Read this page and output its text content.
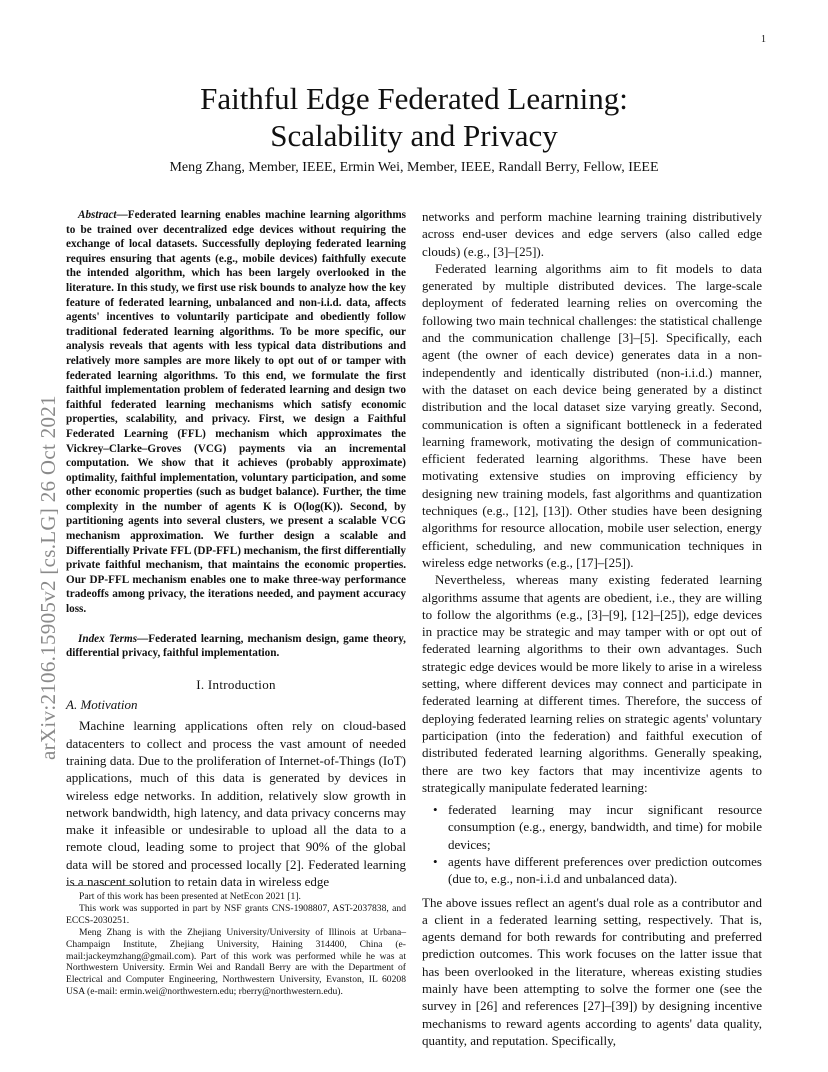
1
arXiv:2106.15905v2 [cs.LG] 26 Oct 2021
Faithful Edge Federated Learning:
Scalability and Privacy
Meng Zhang, Member, IEEE, Ermin Wei, Member, IEEE, Randall Berry, Fellow, IEEE

Abstract—Federated learning enables machine learning algorithms to be trained over decentralized edge devices without requiring the exchange of local datasets. Successfully deploying federated learning requires ensuring that agents (e.g., mobile devices) faithfully execute the intended algorithm, which has been largely overlooked in the literature. In this study, we first use risk bounds to analyze how the key feature of federated learning, unbalanced and non-i.i.d. data, affects agents' incentives to voluntarily participate and obediently follow traditional federated learning algorithms. To be more specific, our analysis reveals that agents with less typical data distributions and relatively more samples are more likely to opt out of or tamper with federated learning algorithms. To this end, we formulate the first faithful implementation problem of federated learning and design two faithful federated learning mechanisms which satisfy economic properties, scalability, and privacy. First, we design a Faithful Federated Learning (FFL) mechanism which approximates the Vickrey–Clarke–Groves (VCG) payments via an incremental computation. We show that it achieves (probably approximate) optimality, faithful implementation, voluntary participation, and some other economic properties (such as budget balance). Further, the time complexity in the number of agents K is O(log(K)). Second, by partitioning agents into several clusters, we present a scalable VCG mechanism approximation. We further design a scalable and Differentially Private FFL (DP-FFL) mechanism, the first differentially private faithful mechanism, that maintains the economic properties. Our DP-FFL mechanism enables one to make three-way performance tradeoffs among privacy, the iterations needed, and payment accuracy loss.

Index Terms—Federated learning, mechanism design, game theory, differential privacy, faithful implementation.

I. Introduction

A. Motivation

Machine learning applications often rely on cloud-based datacenters to collect and process the vast amount of needed training data. Due to the proliferation of Internet-of-Things (IoT) applications, much of this data is generated by devices in wireless edge networks. In addition, relatively slow growth in network bandwidth, high latency, and data privacy concerns may make it infeasible or undesirable to upload all the data to a remote cloud, leading some to project that 90% of the global data will be stored and processed locally [2]. Federated learning is a nascent solution to retain data in wireless edge

Part of this work has been presented at NetEcon 2021 [1].

This work was supported in part by NSF grants CNS-1908807, AST-2037838, and ECCS-2030251.

Meng Zhang is with the Zhejiang University/University of Illinois at Urbana–Champaign Institute, Zhejiang University, Haining 314400, China (e-mail:jackeymzhang@gmail.com). Part of this work was performed while he was at Northwestern University. Ermin Wei and Randall Berry are with the Department of Electrical and Computer Engineering, Northwestern University, Evanston, IL 60208 USA (e-mail: ermin.wei@northwestern.edu; rberry@northwestern.edu).

networks and perform machine learning training distributively across end-user devices and edge servers (also called edge clouds) (e.g., [3]–[25]).

Federated learning algorithms aim to fit models to data generated by multiple distributed devices. The large-scale deployment of federated learning relies on overcoming the following two main technical challenges: the statistical challenge and the communication challenge [3]–[5]. Specifically, each agent (the owner of each device) generates data in a non-independently and identically distributed (non-i.i.d.) manner, with the dataset on each device being generated by a distinct distribution and the local dataset size varying greatly. Second, communication is often a significant bottleneck in a federated learning framework, motivating the design of communication-efficient federated learning algorithms. These have been motivating extensive studies on improving efficiency by designing new training models, fast algorithms and quantization techniques (e.g., [12], [13]). Other studies have been designing algorithms for resource allocation, mobile user selection, energy efficient, scheduling, and new communication techniques in wireless edge networks (e.g., [17]–[25]).

Nevertheless, whereas many existing federated learning algorithms assume that agents are obedient, i.e., they are willing to follow the algorithms (e.g., [3]–[9], [12]–[25]), edge devices in practice may be strategic and may tamper with or opt out of federated learning algorithms to their own advantages. Such strategic edge devices would be more likely to arise in a wireless setting, where different devices may connect and participate in federated learning at different times. Therefore, the success of deploying federated learning relies on strategic agents' voluntary participation (into the federation) and faithful execution of distributed federated learning algorithms. Generally speaking, there are two key factors that may incentivize agents to strategically manipulate federated learning:

• federated learning may incur significant resource consumption (e.g., energy, bandwidth, and time) for mobile devices;
• agents have different preferences over prediction outcomes (due to, e.g., non-i.i.d and unbalanced data).

The above issues reflect an agent's dual role as a contributor and a client in a federated learning setting, respectively. That is, agents demand for both rewards for contributing and preferred prediction outcomes. This work focuses on the latter issue that has been overlooked in the literature, whereas existing studies mainly have been attempting to solve the former one (see the survey in [26] and references [27]–[39]) by designing incentive mechanisms to reward agents according to agents' data quality, quantity, and reputation. Specifically,
